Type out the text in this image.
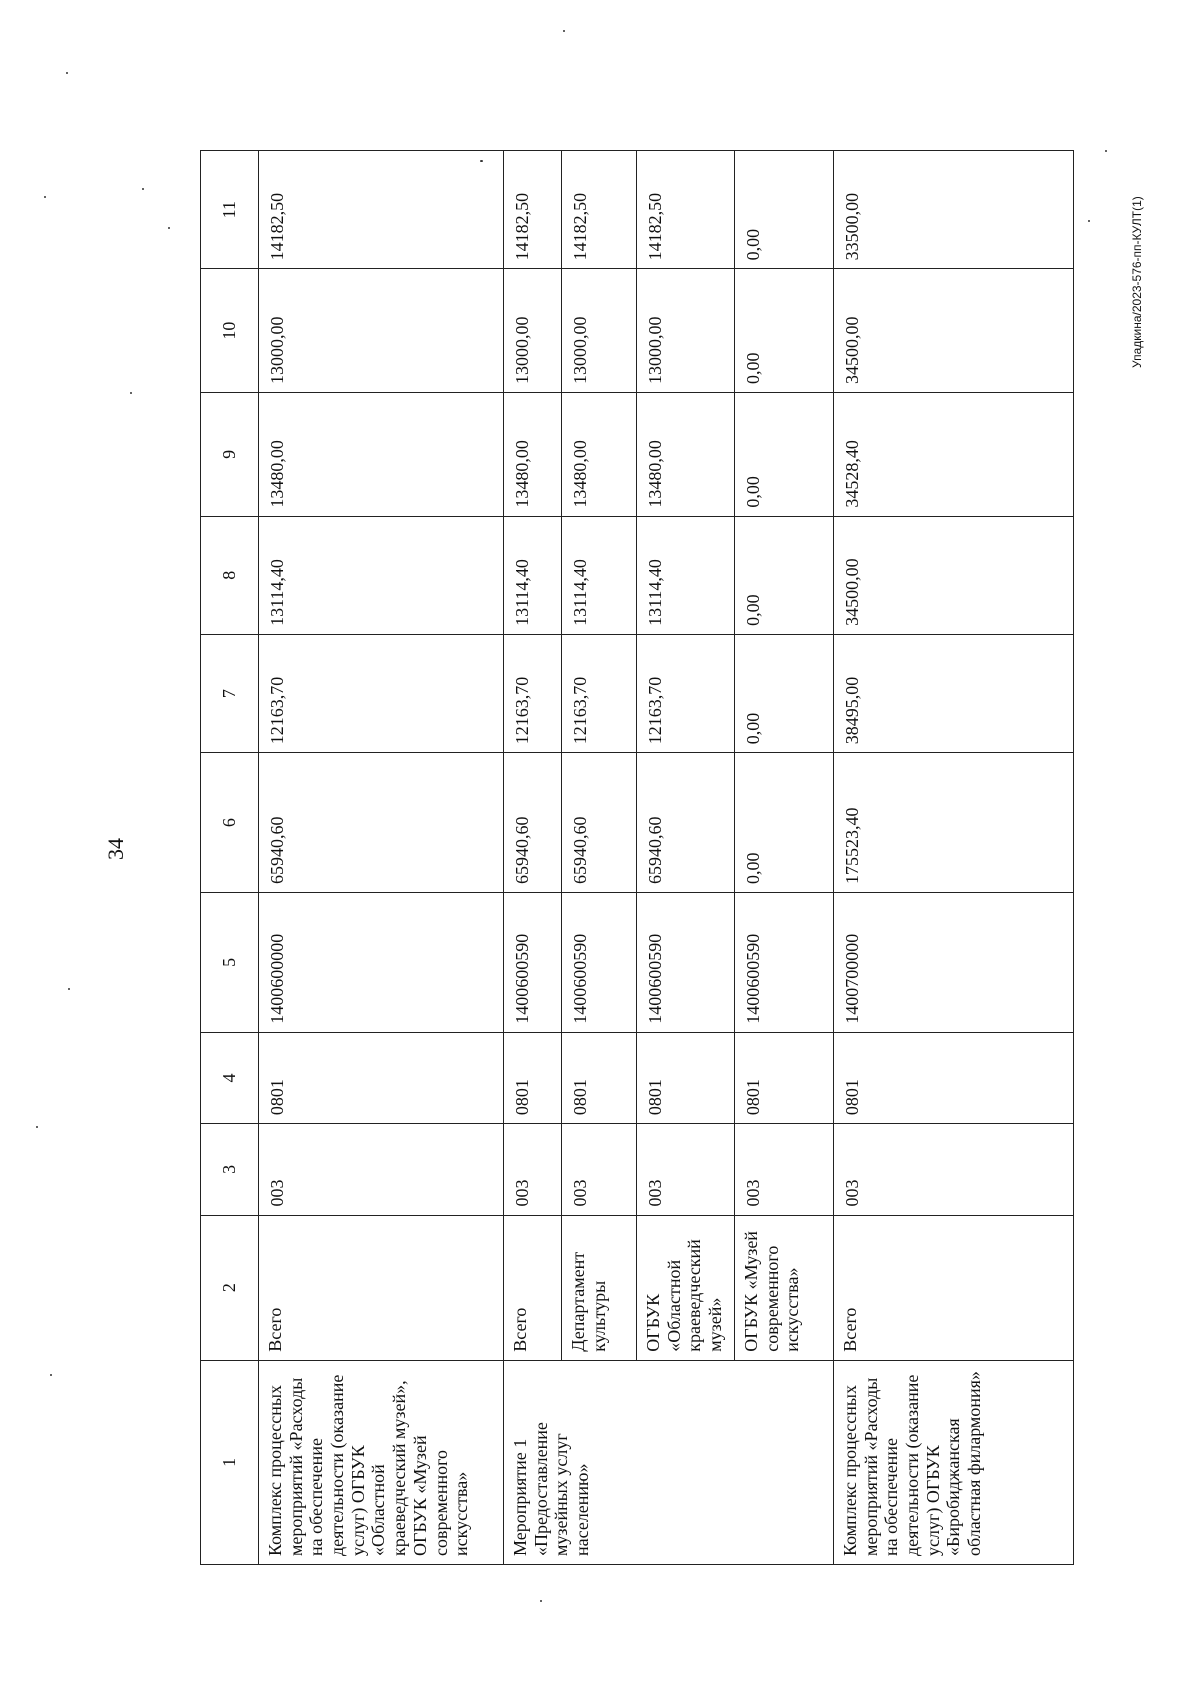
34
Упадкина/2023-576-пп-КУЛТ(1)
1	2	3	4	5	6	7	8	9	10	11
Комплекс процессных мероприятий «Расходы на обеспечение деятельности (оказание услуг) ОГБУК «Областной краеведческий музей», ОГБУК «Музей современного искусства»	Всего	003	0801	1400600000	65940,60	12163,70	13114,40	13480,00	13000,00	14182,50
Мероприятие 1 «Предоставление музейных услуг населению»	Всего	003	0801	1400600590	65940,60	12163,70	13114,40	13480,00	13000,00	14182,50
	Департамент культуры	003	0801	1400600590	65940,60	12163,70	13114,40	13480,00	13000,00	14182,50
	ОГБУК «Областной краеведческий музей»	003	0801	1400600590	65940,60	12163,70	13114,40	13480,00	13000,00	14182,50
	ОГБУК «Музей современного искусства»	003	0801	1400600590	0,00	0,00	0,00	0,00	0,00	0,00
Комплекс процессных мероприятий «Расходы на обеспечение деятельности (оказание услуг) ОГБУК «Биробиджанская областная филармония»	Всего	003	0801	1400700000	175523,40	38495,00	34500,00	34528,40	34500,00	33500,00
